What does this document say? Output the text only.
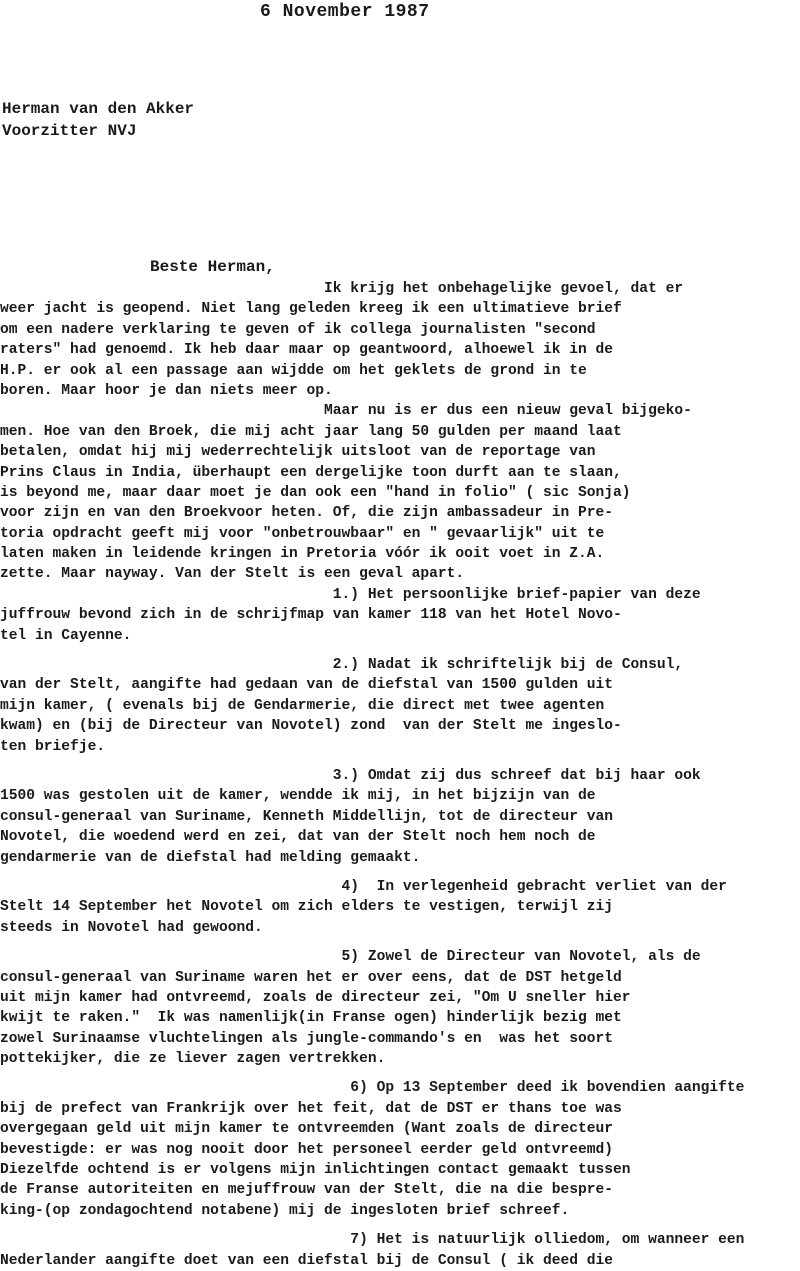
6 November 1987
Herman van den Akker
Voorzitter NVJ
Beste Herman,
Ik krijg het onbehagelijke gevoel, dat er
weer jacht is geopend. Niet lang geleden kreeg ik een ultimatieve brief
om een nadere verklaring te geven of ik collega journalisten "second
raters" had genoemd. Ik heb daar maar op geantwoord, alhoewel ik in de
H.P. er ook al een passage aan wijdde om het geklets de grond in te
boren. Maar hoor je dan niets meer op.
Maar nu is er dus een nieuw geval bijgeko-
men. Hoe van den Broek, die mij acht jaar lang 50 gulden per maand laat
betalen, omdat hij mij wederrechtelijk uitsloot van de reportage van
Prins Claus in India, überhaupt een dergelijke toon durft aan te slaan,
is beyond me, maar daar moet je dan ook een "hand in folio" ( sic Sonja)
voor zijn en van den Broekvoor heten. Of, die zijn ambassadeur in Pre-
toria opdracht geeft mij voor "onbetrouwbaar" en " gevaarlijk" uit te
laten maken in leidende kringen in Pretoria vóór ik ooit voet in Z.A.
zette. Maar nayway. Van der Stelt is een geval apart.
1.) Het persoonlijke brief-papier van deze
juffrouw bevond zich in de schrijfmap van kamer 118 van het Hotel Novo-
tel in Cayenne.
2.) Nadat ik schriftelijk bij de Consul,
van der Stelt, aangifte had gedaan van de diefstal van 1500 gulden uit
mijn kamer, ( evenals bij de Gendarmerie, die direct met twee agenten
kwam) en (bij de Directeur van Novotel) zond  van der Stelt me ingeslo-
ten briefje.
3.) Omdat zij dus schreef dat bij haar ook
1500 was gestolen uit de kamer, wendde ik mij, in het bijzijn van de
consul-generaal van Suriname, Kenneth Middellijn, tot de directeur van
Novotel, die woedend werd en zei, dat van der Stelt noch hem noch de
gendarmerie van de diefstal had melding gemaakt.
4)  In verlegenheid gebracht verliet van der
Stelt 14 September het Novotel om zich elders te vestigen, terwijl zij
steeds in Novotel had gewoond.
5) Zowel de Directeur van Novotel, als de
consul-generaal van Suriname waren het er over eens, dat de DST hetgeld
uit mijn kamer had ontvreemd, zoals de directeur zei, "Om U sneller hier
kwijt te raken."  Ik was namenlijk(in Franse ogen) hinderlijk bezig met
zowel Surinaamse vluchtelingen als jungle-commando's en  was het soort
pottekijker, die ze liever zagen vertrekken.
6) Op 13 September deed ik bovendien aangifte
bij de prefect van Frankrijk over het feit, dat de DST er thans toe was
overgegaan geld uit mijn kamer te ontvreemden (Want zoals de directeur
bevestigde: er was nog nooit door het personeel eerder geld ontvreemd)
Diezelfde ochtend is er volgens mijn inlichtingen contact gemaakt tussen
de Franse autoriteiten en mejuffrouw van der Stelt, die na die bespre-
king-(op zondagochtend notabene) mij de ingesloten brief schreef.
7) Het is natuurlijk olliedom, om wanneer een
Nederlander aangifte doet van een diefstal bij de Consul ( ik deed die
